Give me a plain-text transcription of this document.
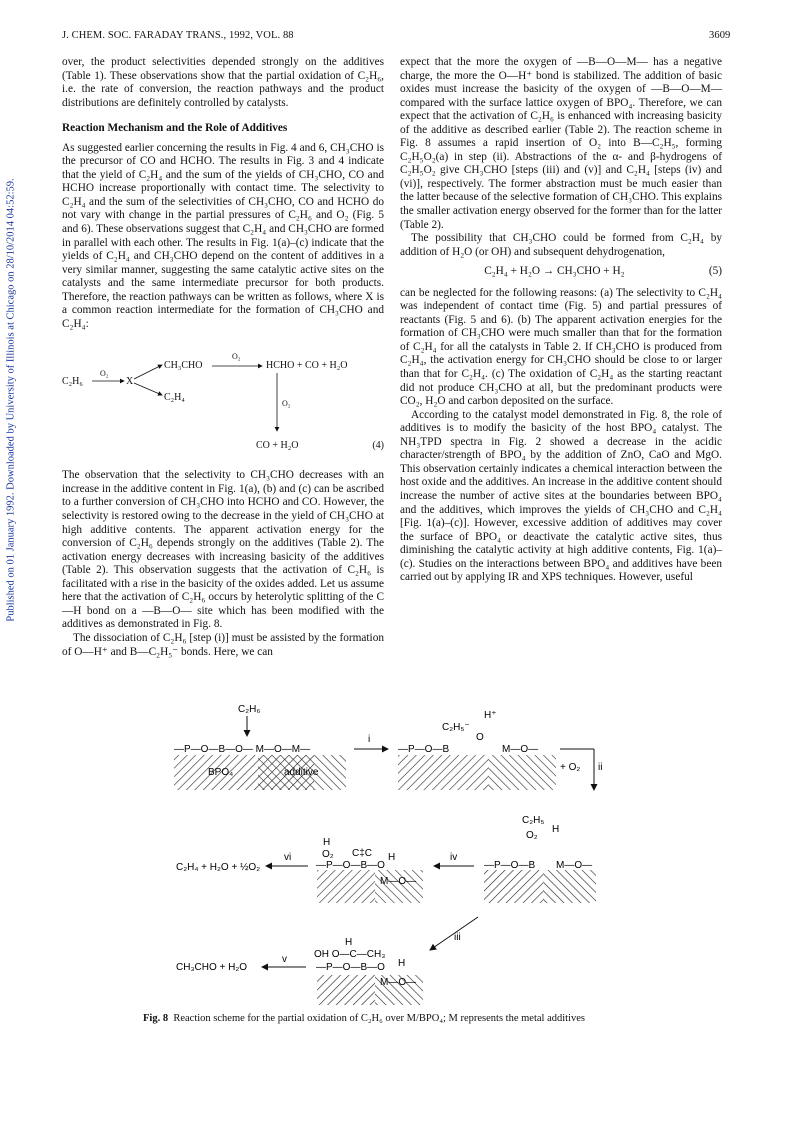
J. CHEM. SOC. FARADAY TRANS., 1992, VOL. 88	3609
Published on 01 January 1992. Downloaded by University of Illinois at Chicago on 28/10/2014 04:52:59.

over, the product selectivities depended strongly on the additives (Table 1). These observations show that the partial oxidation of C₂H₆, i.e. the rate of conversion, the reaction pathways and the product distributions are definitely controlled by catalysts.

Reaction Mechanism and the Role of Additives

As suggested earlier concerning the results in Fig. 4 and 6, CH₃CHO is the precursor of CO and HCHO. The results in Fig. 3 and 4 indicate that the yield of C₂H₄ and the sum of the yields of CH₃CHO, CO and HCHO increase proportionally with contact time. The selectivity to C₂H₄ and the sum of the selectivities of CH₃CHO, CO and HCHO do not vary with change in the partial pressures of C₂H₆ and O₂ (Fig. 5 and 6). These observations suggest that C₂H₄ and CH₃CHO are formed in parallel with each other. The results in Fig. 1(a)–(c) indicate that the yields of C₂H₄ and CH₃CHO depend on the content of additives in a very similar manner, suggesting the same catalytic active sites on the catalysts and the same intermediate precursor for both products. Therefore, the reaction pathways can be written as follows, where X is a common reaction intermediate for the formation of CH₃CHO and C₂H₄:

C₂H₆
O₂
X
CH₃CHO
O₂
HCHO + CO + H₂O
C₂H₄
O₂
CO + H₂O	(4)

The observation that the selectivity to CH₃CHO decreases with an increase in the additive content in Fig. 1(a), (b) and (c) can be ascribed to a further conversion of CH₃CHO into HCHO and CO. However, the selectivity is restored owing to the decrease in the yield of CH₃CHO at high additive contents. The apparent activation energy for the conversion of C₂H₆ depends strongly on the additives (Table 2). The activation energy decreases with increasing basicity of the additives (Table 2). This observation suggests that the activation of C₂H₆ is facilitated with a rise in the basicity of the oxides added. Let us assume here that the activation of C₂H₆ occurs by heterolytic splitting of the C—H bond on a —B—O— site which has been modified with the additives as demonstrated in Fig. 8.

The dissociation of C₂H₆ [step (i)] must be assisted by the formation of O—H⁺ and B—C₂H₅⁻ bonds. Here, we can

expect that the more the oxygen of —B—O—M— has a negative charge, the more the O—H⁺ bond is stabilized. The addition of basic oxides must increase the basicity of the oxygen of —B—O—M— compared with the surface lattice oxygen of BPO₄. Therefore, we can expect that the activation of C₂H₆ is enhanced with increasing basicity of the additive as described earlier (Table 2). The reaction scheme in Fig. 8 assumes a rapid insertion of O₂ into B—C₂H₅, forming C₂H₅O₂(a) in step (ii). Abstractions of the α- and β-hydrogens of C₂H₅O₂ give CH₃CHO [steps (iii) and (v)] and C₂H₄ [steps (iv) and (vi)], respectively. The former abstraction must be much easier than the latter because of the selective formation of CH₃CHO. This explains the smaller activation energy observed for the former than for the latter (Table 2).

The possibility that CH₃CHO could be formed from C₂H₄ by addition of H₂O (or OH) and subsequent dehydrogenation,

C₂H₄ + H₂O → CH₃CHO + H₂	(5)

can be neglected for the following reasons: (a) The selectivity to C₂H₄ was independent of contact time (Fig. 5) and partial pressures of reactants (Fig. 5 and 6). (b) The apparent activation energies for the formation of CH₃CHO were much smaller than that for the formation of C₂H₄ for all the catalysts in Table 2. If CH₃CHO is produced from C₂H₄, the activation energy for CH₃CHO should be close to or larger than that for C₂H₄. (c) The oxidation of C₂H₄ as the starting reactant did not produce CH₃CHO at all, but the predominant products were CO₂, H₂O and carbon deposited on the surface.

According to the catalyst model demonstrated in Fig. 8, the role of additives is to modify the basicity of the host BPO₄ catalyst. The NH₃TPD spectra in Fig. 2 showed a decrease in the acidic character/strength of BPO₄ by the addition of ZnO, CaO and MgO. This observation certainly indicates a chemical interaction between the host oxide and the additives. An increase in the additive content should increase the number of active sites at the boundaries between BPO₄ and the additives, which improves the yields of CH₃CHO and C₂H₄ [Fig. 1(a)–(c)]. However, excessive addition of additives may cover the surface of BPO₄ or deactivate the catalytic active sites, thus diminishing the catalytic activity at high additive contents, Fig. 1(a)–(c). Studies on the interactions between BPO₄ and additives have been carried out by applying IR and XPS techniques. However, useful

C₂H₆
—P—O—B—O— M—O—M—
BPO₄	additive
i
—P—O—B	M—O—
C₂H₅⁻
H⁺
O
+ O₂ ii
C₂H₅
O₂
H
—P—O—B M—O—
iv
H
O₂ C‡C H
—P—O—B—O
M—O—
vi
C₂H₄ + H₂O + ½O₂
iii
H
OH O—C—CH₃
H
—P—O—B—O
M—O—
v
CH₃CHO + H₂O
Fig. 8 Reaction scheme for the partial oxidation of C₂H₆ over M/BPO₄; M represents the metal additives
